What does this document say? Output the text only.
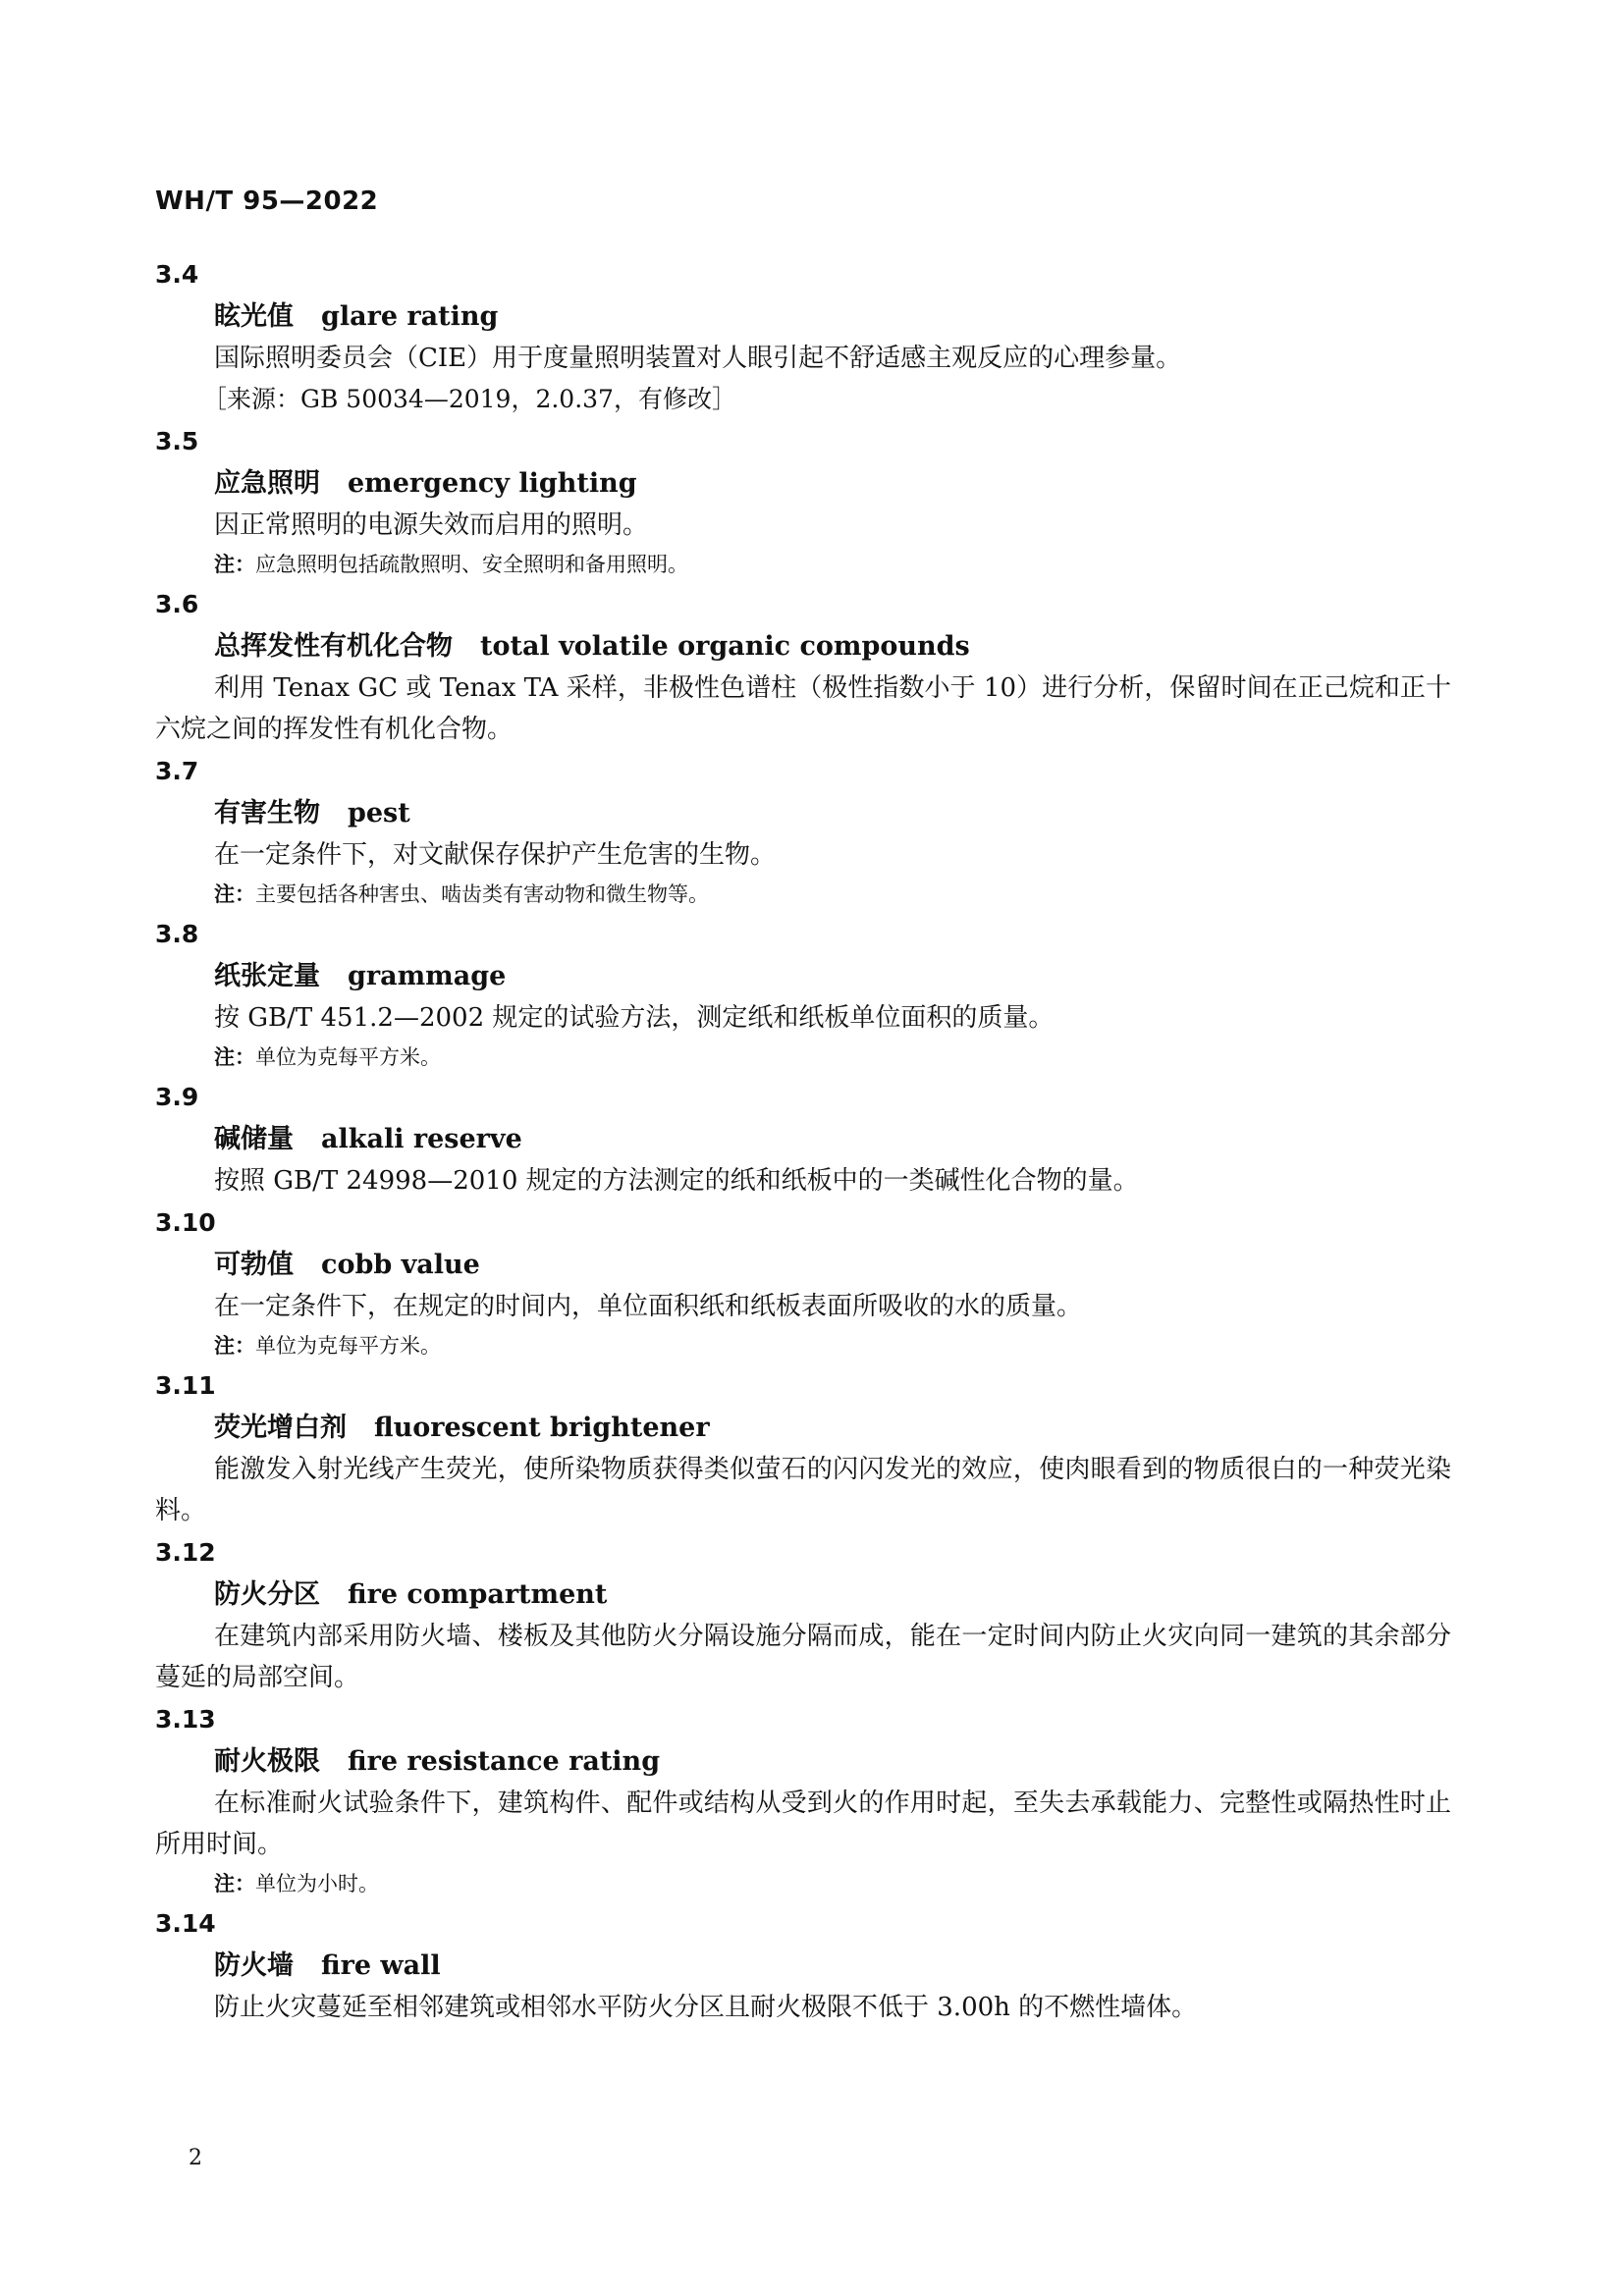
WH/T 95—2022
3.4
眩光值 glare rating
国际照明委员会（CIE）用于度量照明装置对人眼引起不舒适感主观反应的心理参量。
［来源：GB 50034—2019，2.0.37，有修改］
3.5
应急照明 emergency lighting
因正常照明的电源失效而启用的照明。
注：应急照明包括疏散照明、安全照明和备用照明。
3.6
总挥发性有机化合物 total volatile organic compounds
利用 Tenax GC 或 Tenax TA 采样，非极性色谱柱（极性指数小于 10）进行分析，保留时间在正己烷和正十六烷之间的挥发性有机化合物。
3.7
有害生物 pest
在一定条件下，对文献保存保护产生危害的生物。
注：主要包括各种害虫、啮齿类有害动物和微生物等。
3.8
纸张定量 grammage
按 GB/T 451.2—2002 规定的试验方法，测定纸和纸板单位面积的质量。
注：单位为克每平方米。
3.9
碱储量 alkali reserve
按照 GB/T 24998—2010 规定的方法测定的纸和纸板中的一类碱性化合物的量。
3.10
可勃值 cobb value
在一定条件下，在规定的时间内，单位面积纸和纸板表面所吸收的水的质量。
注：单位为克每平方米。
3.11
荧光增白剂 fluorescent brightener
能激发入射光线产生荧光，使所染物质获得类似萤石的闪闪发光的效应，使肉眼看到的物质很白的一种荧光染料。
3.12
防火分区 fire compartment
在建筑内部采用防火墙、楼板及其他防火分隔设施分隔而成，能在一定时间内防止火灾向同一建筑的其余部分蔓延的局部空间。
3.13
耐火极限 fire resistance rating
在标准耐火试验条件下，建筑构件、配件或结构从受到火的作用时起，至失去承载能力、完整性或隔热性时止所用时间。
注：单位为小时。
3.14
防火墙 fire wall
防止火灾蔓延至相邻建筑或相邻水平防火分区且耐火极限不低于 3.00h 的不燃性墙体。
2
